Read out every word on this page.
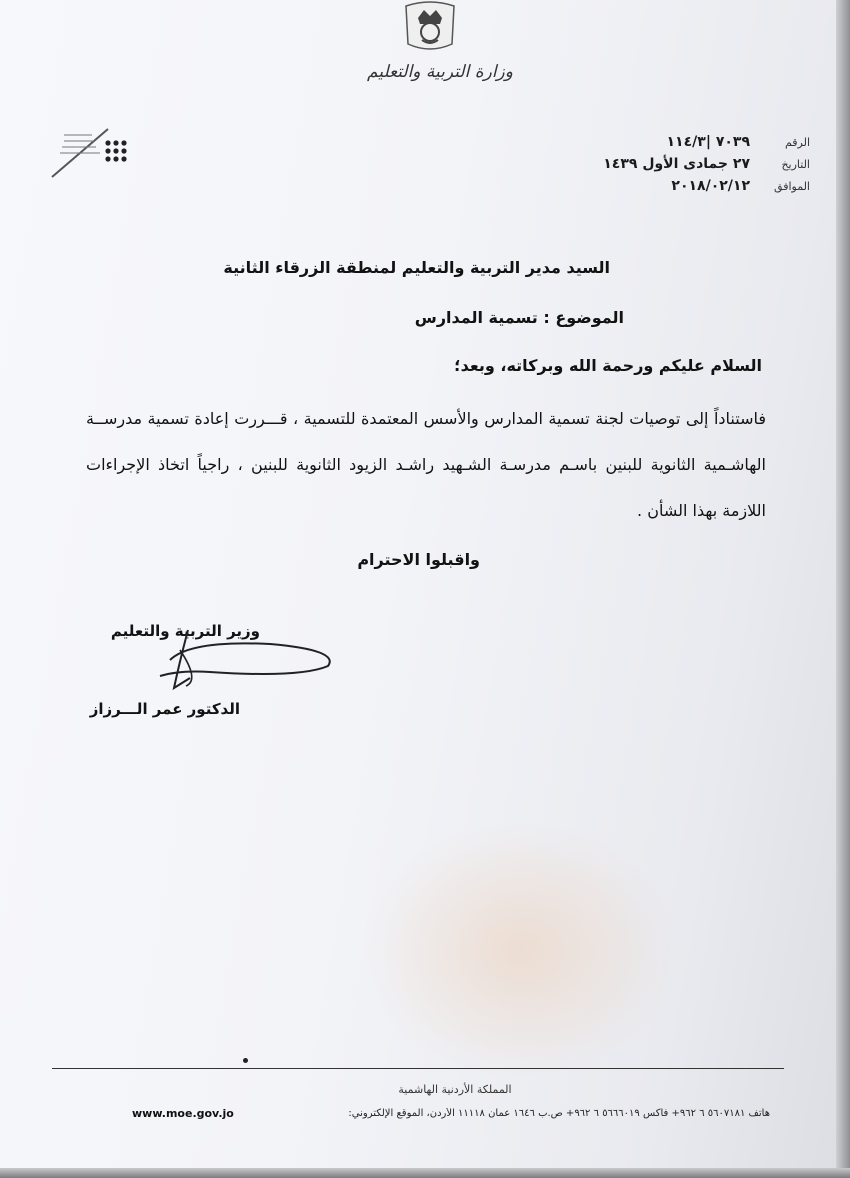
وزارة التربية والتعليم
الرقم
٧٠٣٩ |١١٤/٣
التاريخ
٢٧ جمادى الأول ١٤٣٩
الموافق
٢٠١٨/٠٢/١٢
السيد مدير التربية والتعليم لمنطقة الزرقاء الثانية
الموضوع : تسمية المدارس
السلام عليكم ورحمة الله وبركاته، وبعد؛
فاستناداً إلى توصيات لجنة تسمية المدارس والأسس المعتمدة للتسمية ، قـــررت إعادة تسمية مدرســة الهاشـمية الثانوية للبنين باسـم مدرسـة الشـهيد راشـد الزيود الثانوية للبنين ، راجياً اتخاذ الإجراءات اللازمة بهذا الشأن .
واقبلوا الاحترام
وزير التربية والتعليم
الدكتور عمر الـــرزاز
المملكة الأردنية الهاشمية
هاتف ٥٦٠٧١٨١ ٦ ٩٦٢+ فاكس ٥٦٦٦٠١٩ ٦ ٩٦٢+ ص.ب ١٦٤٦ عمان ١١١١٨ الأردن، الموقع الإلكتروني:
www.moe.gov.jo
